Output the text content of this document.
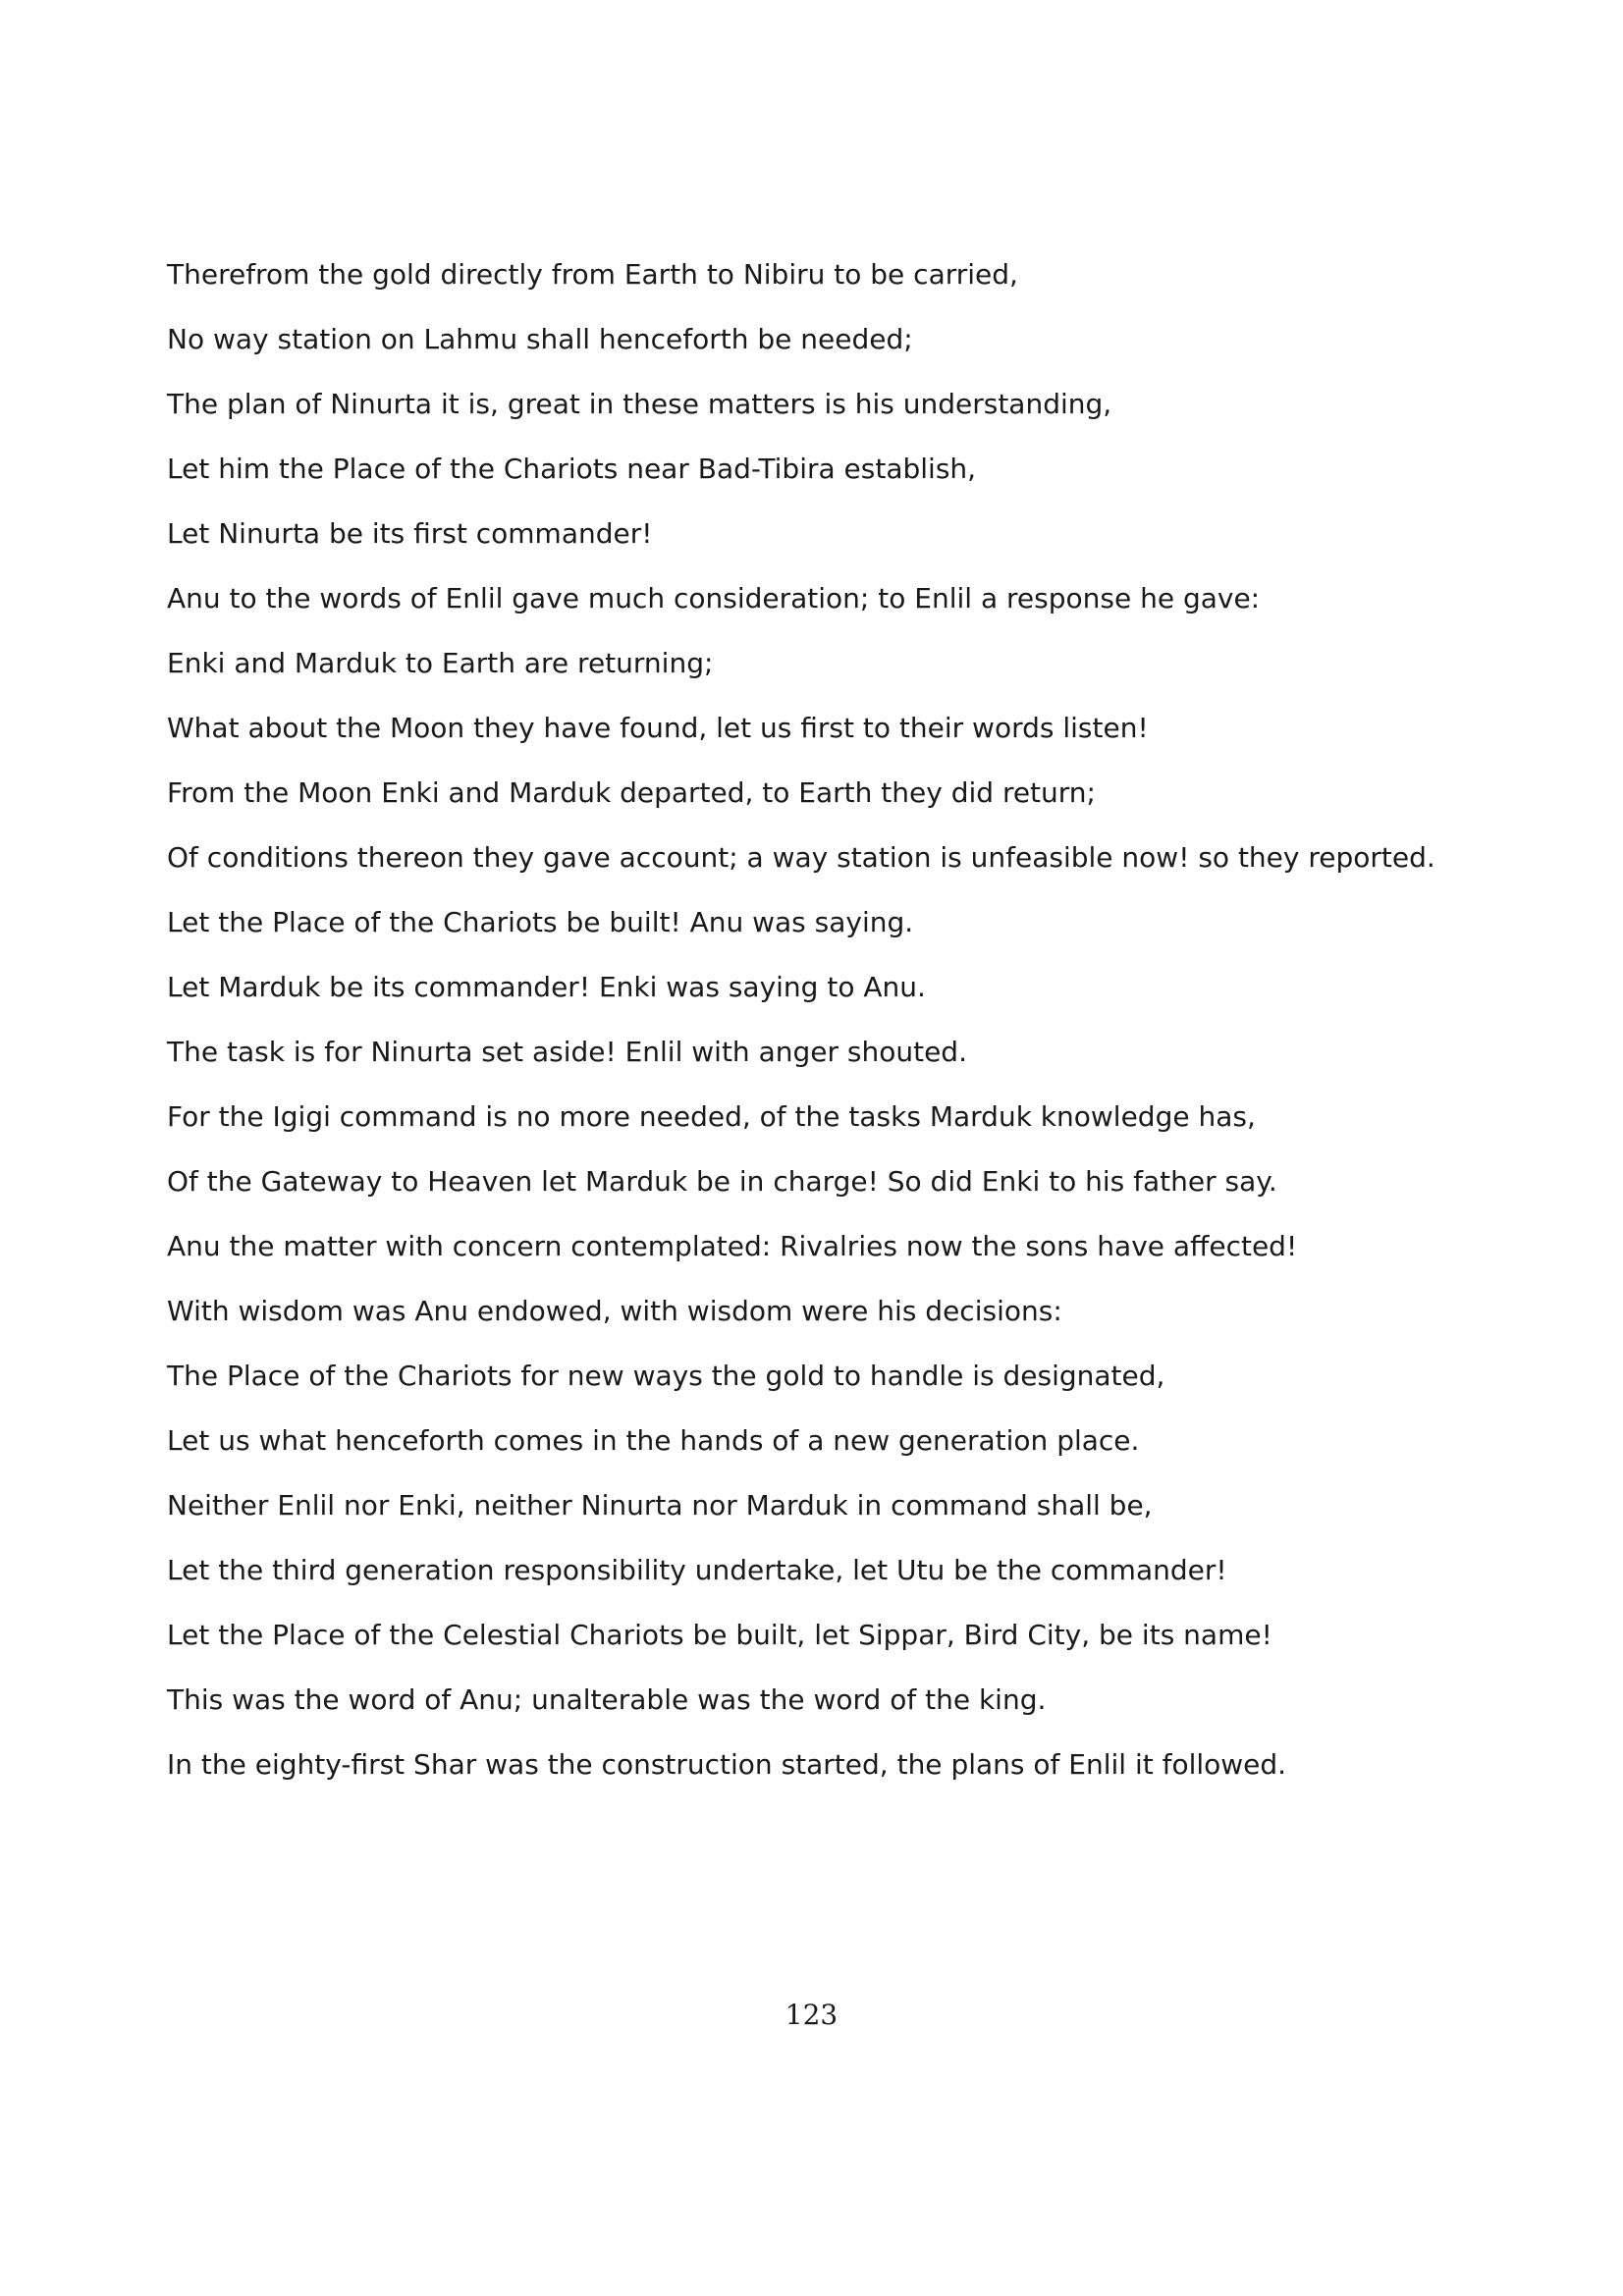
Therefrom the gold directly from Earth to Nibiru to be carried,

No way station on Lahmu shall henceforth be needed;

The plan of Ninurta it is, great in these matters is his understanding,

Let him the Place of the Chariots near Bad-Tibira establish,

Let Ninurta be its first commander!

Anu to the words of Enlil gave much consideration; to Enlil a response he gave:

Enki and Marduk to Earth are returning;

What about the Moon they have found, let us first to their words listen!

From the Moon Enki and Marduk departed, to Earth they did return;

Of conditions thereon they gave account; a way station is unfeasible now! so they reported.

Let the Place of the Chariots be built! Anu was saying.

Let Marduk be its commander! Enki was saying to Anu.

The task is for Ninurta set aside! Enlil with anger shouted.

For the Igigi command is no more needed, of the tasks Marduk knowledge has,

Of the Gateway to Heaven let Marduk be in charge! So did Enki to his father say.

Anu the matter with concern contemplated: Rivalries now the sons have affected!

With wisdom was Anu endowed, with wisdom were his decisions:

The Place of the Chariots for new ways the gold to handle is designated,

Let us what henceforth comes in the hands of a new generation place.

Neither Enlil nor Enki, neither Ninurta nor Marduk in command shall be,

Let the third generation responsibility undertake, let Utu be the commander!

Let the Place of the Celestial Chariots be built, let Sippar, Bird City, be its name!

This was the word of Anu; unalterable was the word of the king.

In the eighty-first Shar was the construction started, the plans of Enlil it followed.

123
